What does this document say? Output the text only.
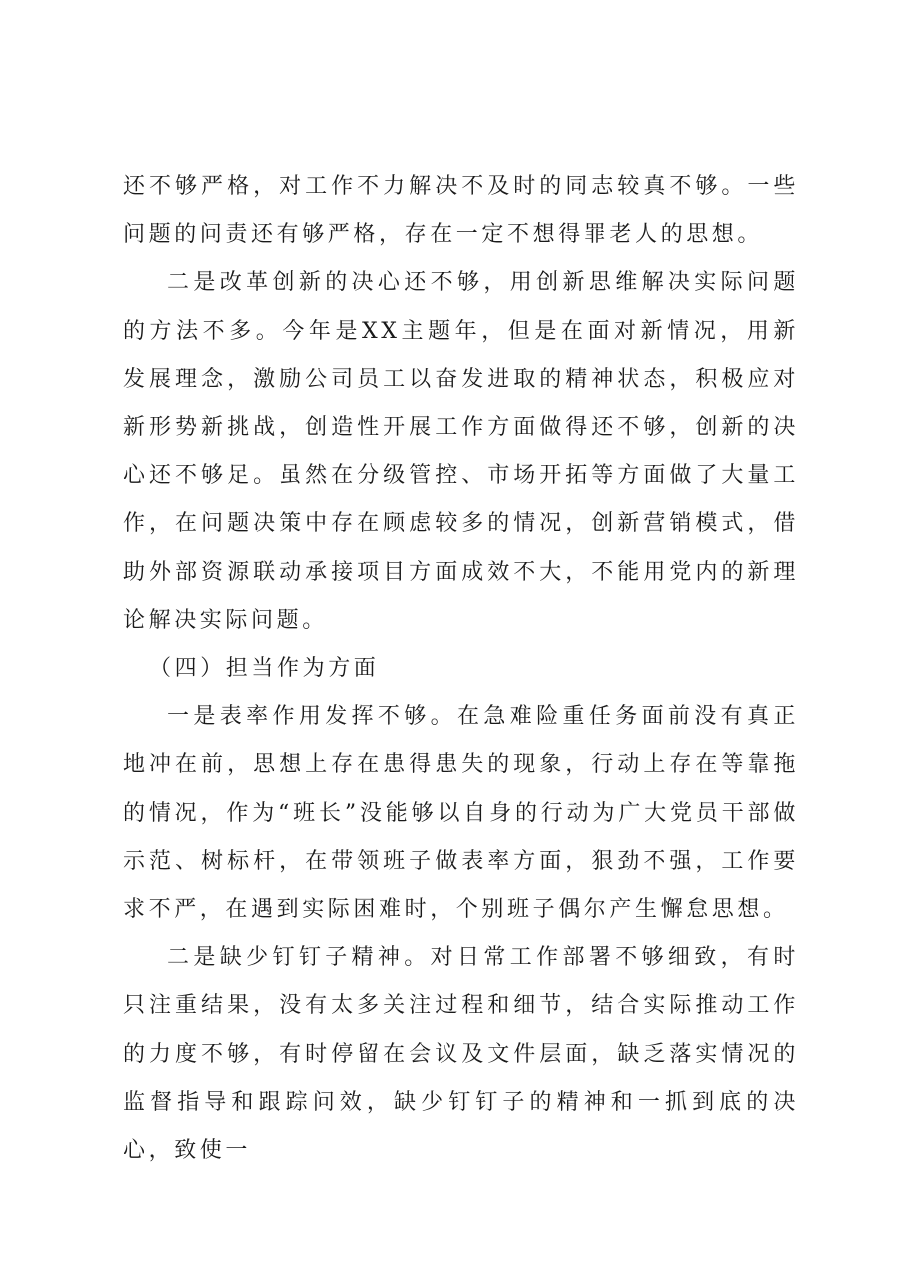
还不够严格，对工作不力解决不及时的同志较真不够。一些问题的问责还有够严格，存在一定不想得罪老人的思想。

二是改革创新的决心还不够，用创新思维解决实际问题的方法不多。今年是XX主题年，但是在面对新情况，用新发展理念，激励公司员工以奋发进取的精神状态，积极应对新形势新挑战，创造性开展工作方面做得还不够，创新的决心还不够足。虽然在分级管控、市场开拓等方面做了大量工作，在问题决策中存在顾虑较多的情况，创新营销模式，借助外部资源联动承接项目方面成效不大，不能用党内的新理论解决实际问题。

（四）担当作为方面

一是表率作用发挥不够。在急难险重任务面前没有真正地冲在前，思想上存在患得患失的现象，行动上存在等靠拖的情况，作为“班长”没能够以自身的行动为广大党员干部做示范、树标杆，在带领班子做表率方面，狠劲不强，工作要求不严，在遇到实际困难时，个别班子偶尔产生懈怠思想。

二是缺少钉钉子精神。对日常工作部署不够细致，有时只注重结果，没有太多关注过程和细节，结合实际推动工作的力度不够，有时停留在会议及文件层面，缺乏落实情况的监督指导和跟踪问效，缺少钉钉子的精神和一抓到底的决心，致使一
